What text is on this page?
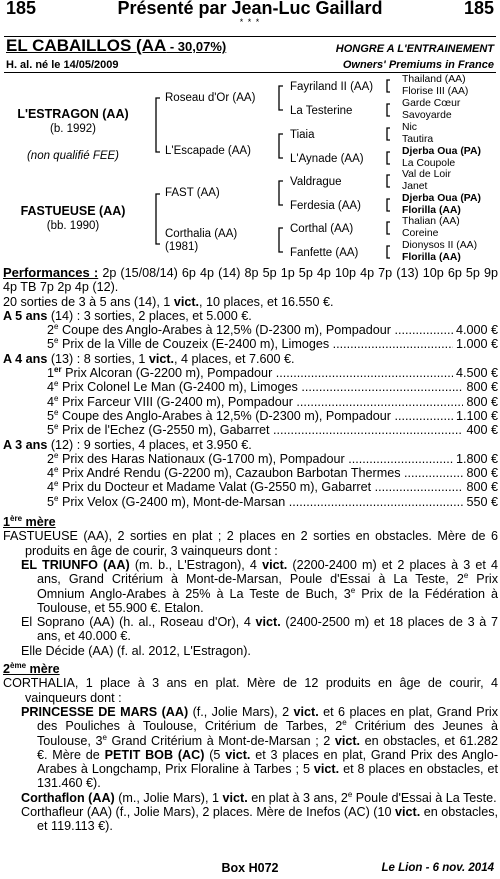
185	Présenté par Jean-Luc Gaillard
* * *
185
EL CABAILLOS (AA - 30,07%)	HONGRE A L'ENTRAINEMENT
H. al. né le 14/05/2009	Owners' Premiums in France
L'ESTRAGON (AA)
(b. 1992)
(non qualifié FEE)
FASTUEUSE (AA)
(bb. 1990)
Roseau d'Or (AA)
L'Escapade (AA)
FAST (AA)
Corthalia (AA)
(1981)
Fayriland II (AA)
La Testerine
Tiaia
L'Aynade (AA)
Valdrague
Ferdesia (AA)
Corthal (AA)
Fanfette (AA)
Thailand (AA)
Florise III (AA)
Garde Cœur
Savoyarde
Nic
Tautira
Djerba Oua (PA)
La Coupole
Val de Loir
Janet
Djerba Oua (PA)
Florilla (AA)
Thalian (AA)
Coreine
Dionysos II (AA)
Florilla (AA)
Performances : 2p (15/08/14) 6p 4p (14) 8p 5p 1p 5p 4p 10p 4p 7p (13) 10p 6p 5p 9p 4p TB 7p 2p 4p (12).
20 sorties de 3 à 5 ans (14), 1 vict., 10 places, et 16.550 €.
A 5 ans (14) : 3 sorties, 2 places, et 5.000 €.
2e Coupe des Anglo-Arabes à 12,5% (D-2300 m), Pompadour .....	4.000 €
5e Prix de la Ville de Couzeix (E-2400 m), Limoges .....	1.000 €
A 4 ans (13) : 8 sorties, 1 vict., 4 places, et 7.600 €.
1er Prix Alcoran (G-2200 m), Pompadour .....	4.500 €
4e Prix Colonel Le Man (G-2400 m), Limoges .....	800 €
4e Prix Farceur VIII (G-2400 m), Pompadour .....	800 €
5e Coupe des Anglo-Arabes à 12,5% (D-2300 m), Pompadour .....	1.100 €
5e Prix de l'Echez (G-2550 m), Gabarret .....	400 €
A 3 ans (12) : 9 sorties, 4 places, et 3.950 €.
2e Prix des Haras Nationaux (G-1700 m), Pompadour .....	1.800 €
4e Prix André Rendu (G-2200 m), Cazaubon Barbotan Thermes .....	800 €
4e Prix du Docteur et Madame Valat (G-2550 m), Gabarret .....	800 €
5e Prix Velox (G-2400 m), Mont-de-Marsan .....	550 €
1ère mère
FASTUEUSE (AA), 2 sorties en plat ; 2 places en 2 sorties en obstacles. Mère de 6 produits en âge de courir, 3 vainqueurs dont :
EL TRIUNFO (AA) (m. b., L'Estragon), 4 vict. (2200-2400 m) et 2 places à 3 et 4 ans, Grand Critérium à Mont-de-Marsan, Poule d'Essai à La Teste, 2e Prix Omnium Anglo-Arabes à 25% à La Teste de Buch, 3e Prix de la Fédération à Toulouse, et 55.900 €. Etalon.
El Soprano (AA) (h. al., Roseau d'Or), 4 vict. (2400-2500 m) et 18 places de 3 à 7 ans, et 40.000 €.
Elle Décide (AA) (f. al. 2012, L'Estragon).
2ème mère
CORTHALIA, 1 place à 3 ans en plat. Mère de 12 produits en âge de courir, 4 vainqueurs dont :
PRINCESSE DE MARS (AA) (f., Jolie Mars), 2 vict. et 6 places en plat, Grand Prix des Pouliches à Toulouse, Critérium de Tarbes, 2e Critérium des Jeunes à Toulouse, 3e Grand Critérium à Mont-de-Marsan ; 2 vict. en obstacles, et 61.282 €. Mère de PETIT BOB (AC) (5 vict. et 3 places en plat, Grand Prix des Anglo-Arabes à Longchamp, Prix Floraline à Tarbes ; 5 vict. et 8 places en obstacles, et 131.460 €).
Corthaflon (AA) (m., Jolie Mars), 1 vict. en plat à 3 ans, 2e Poule d'Essai à La Teste.
Corthafleur (AA) (f., Jolie Mars), 2 places. Mère de Inefos (AC) (10 vict. en obstacles, et 119.113 €).
Box H072	Le Lion - 6 nov. 2014
